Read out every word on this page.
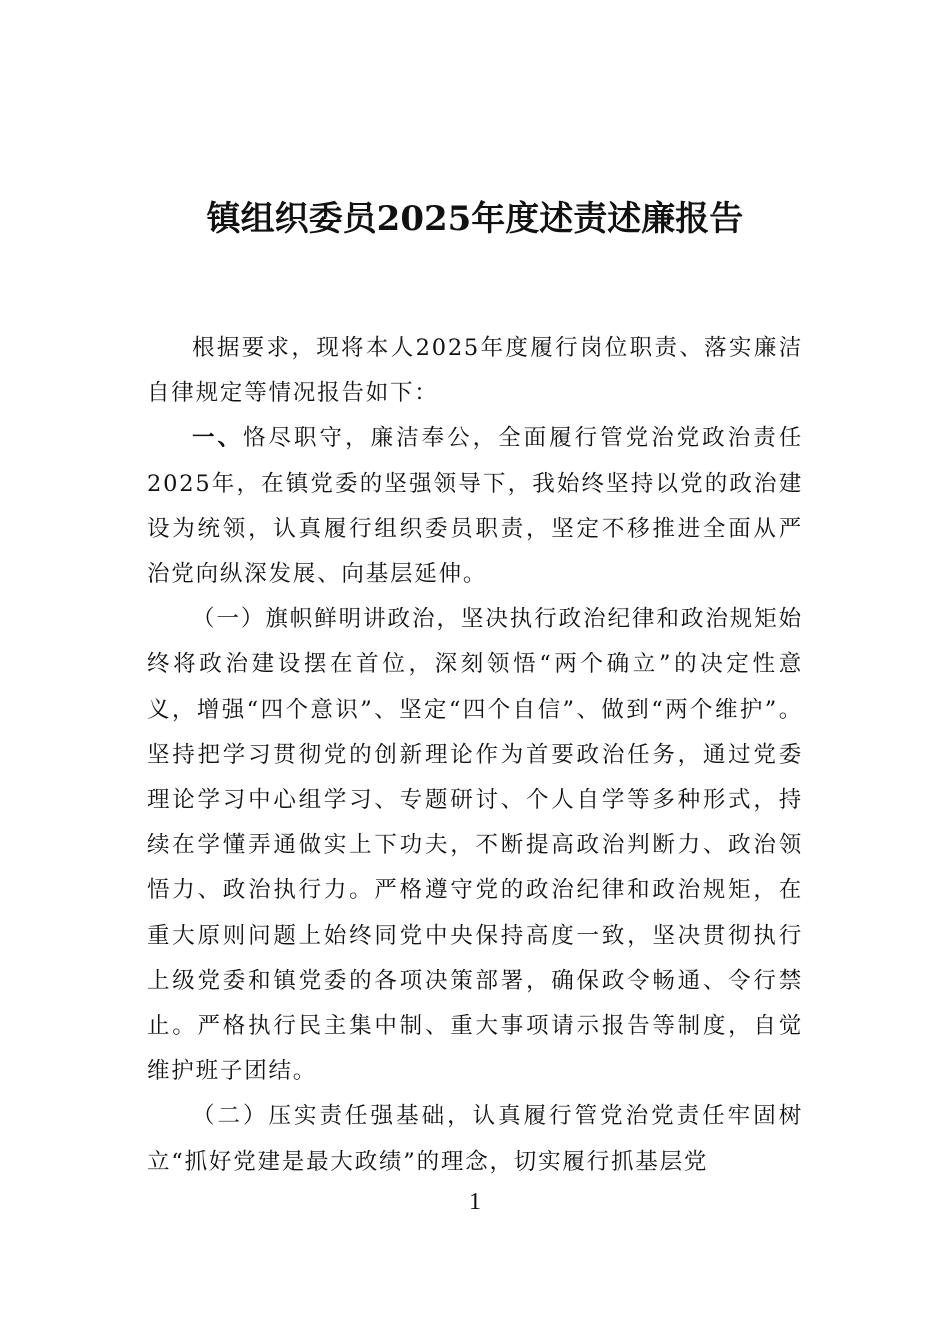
镇组织委员2025年度述责述廉报告

根据要求，现将本人2025年度履行岗位职责、落实廉洁自律规定等情况报告如下：

一、恪尽职守，廉洁奉公，全面履行管党治党政治责任2025年，在镇党委的坚强领导下，我始终坚持以党的政治建设为统领，认真履行组织委员职责，坚定不移推进全面从严治党向纵深发展、向基层延伸。

（一）旗帜鲜明讲政治，坚决执行政治纪律和政治规矩始终将政治建设摆在首位，深刻领悟“两个确立”的决定性意义，增强“四个意识”、坚定“四个自信”、做到“两个维护”。坚持把学习贯彻党的创新理论作为首要政治任务，通过党委理论学习中心组学习、专题研讨、个人自学等多种形式，持续在学懂弄通做实上下功夫，不断提高政治判断力、政治领悟力、政治执行力。严格遵守党的政治纪律和政治规矩，在重大原则问题上始终同党中央保持高度一致，坚决贯彻执行上级党委和镇党委的各项决策部署，确保政令畅通、令行禁止。严格执行民主集中制、重大事项请示报告等制度，自觉维护班子团结。

（二）压实责任强基础，认真履行管党治党责任牢固树立“抓好党建是最大政绩”的理念，切实履行抓基层党

1
